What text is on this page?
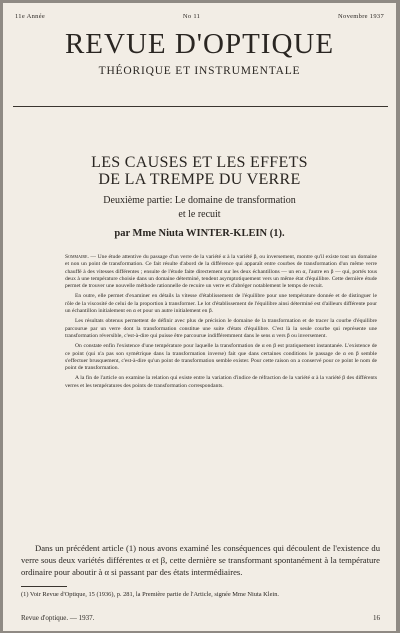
11e Année	No 11	Novembre 1937
REVUE D'OPTIQUE
THÉORIQUE ET INSTRUMENTALE
LES CAUSES ET LES EFFETS
DE LA TREMPE DU VERRE
Deuxième partie: Le domaine de transformation
et le recuit
par Mme Niuta WINTER-KLEIN (1).

Sommaire. — Une étude attentive du passage d'un verre de la variété α à la variété β, ou inversement, montre qu'il existe tout un domaine et non un point de transformation. Ce fait résulte d'abord de la différence qui apparaît entre courbes de transformation d'un même verre chauffé à des vitesses différentes ; ensuite de l'étude faite directement sur les deux échantillons — un en α, l'autre en β — qui, portés tous deux à une température choisie dans un domaine déterminé, tendent asymptotiquement vers un même état d'équilibre. Cette dernière étude permet de trouver une nouvelle méthode rationnelle de recuire un verre et d'abréger notablement le temps de recuit.

En outre, elle permet d'examiner en détails la vitesse d'établissement de l'équilibre pour une température donnée et de distinguer le rôle de la viscosité de celui de la proportion à transformer. Le lot d'établissement de l'équilibre ainsi déterminé est d'ailleurs différente pour un échantillon initialement en α et pour un autre initialement en β.

Les résultats obtenus permettent de définir avec plus de précision le domaine de la transformation et de tracer la courbe d'équilibre parcourue par un verre dont la transformation constitue une suite d'états d'équilibre. C'est là la seule courbe qui représente une transformation réversible, c'est-à-dire qui puisse être parcourue indifféremment dans le sens α vers β ou inversement.

On constate enfin l'existence d'une température pour laquelle la transformation de α en β est pratiquement instantanée. L'existence de ce point (qui n'a pas son symétrique dans la transformation inverse) fait que dans certaines conditions le passage de α en β semble s'effectuer brusquement, c'est-à-dire qu'un point de transformation semble exister. Pour cette raison on a conservé pour ce point le nom de point de transformation.

A la fin de l'article on examine la relation qui existe entre la variation d'indice de réfraction de la variété α à la variété β des différents verres et les températures des points de transformation correspondants.

Dans un précédent article (1) nous avons examiné les conséquences qui découlent de l'existence du verre sous deux variétés différentes α et β, cette dernière se transformant spontanément à la température ordinaire pour aboutir à α si passant par des états intermédiaires.

(1) Voir Revue d'Optique, 15 (1936), p. 281, la Première partie de l'Article, signée Mme Niuta Klein.
Revue d'optique. — 1937.	16
